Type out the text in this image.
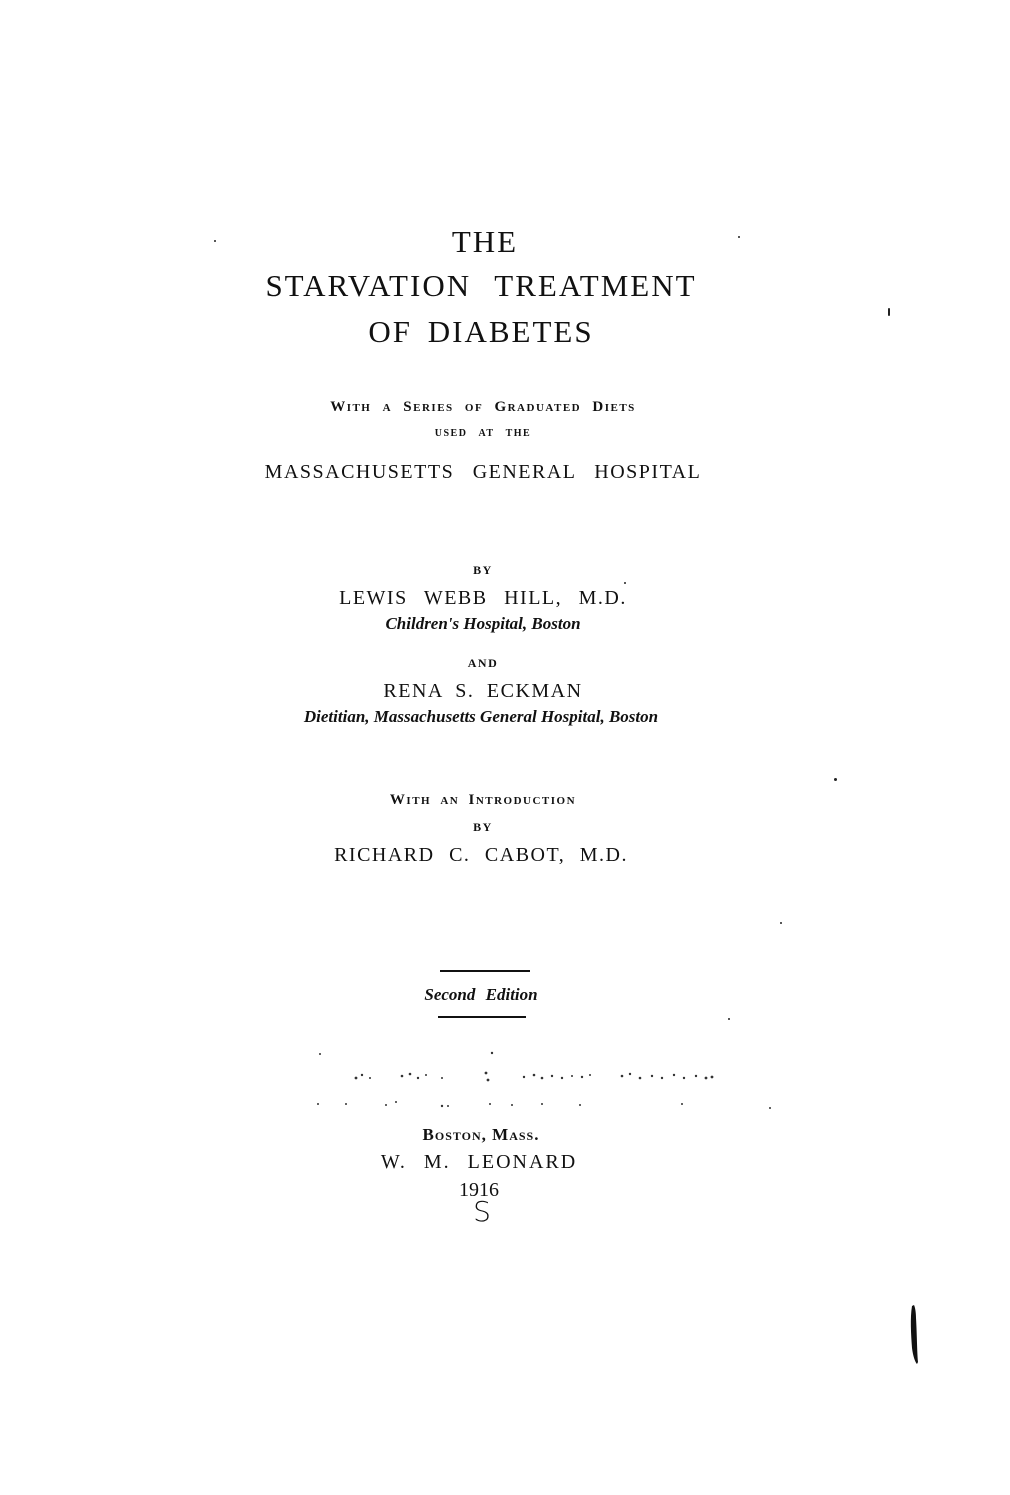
THE
STARVATION TREATMENT
OF DIABETES
With a Series of Graduated Diets
used at the
MASSACHUSETTS GENERAL HOSPITAL
BY
LEWIS WEBB HILL, M.D.
Children's Hospital, Boston
AND
RENA S. ECKMAN
Dietitian, Massachusetts General Hospital, Boston
With an Introduction
BY
RICHARD C. CABOT, M.D.
Second Edition
Boston, Mass.
W. M. LEONARD
1916
S
